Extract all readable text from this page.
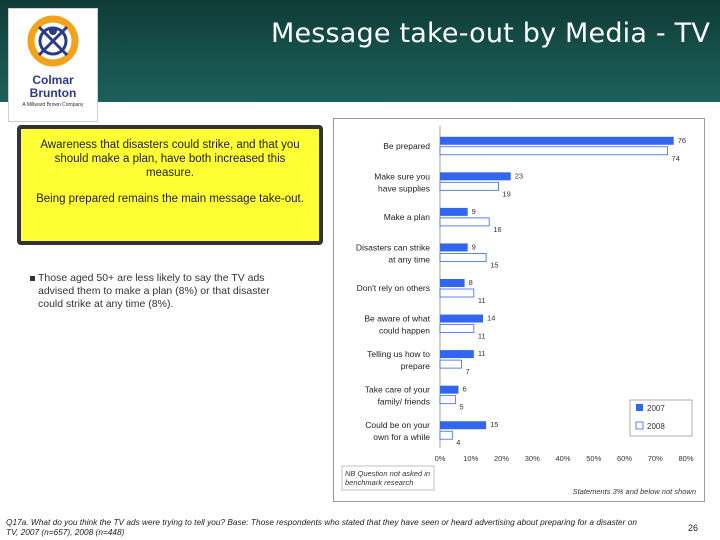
Message take-out by Media - TV
Colmar
Brunton
A Millward Brown Company

Awareness that disasters could strike, and that you should make a plan, have both increased this measure.

Being prepared remains the main message take-out.

Those aged 50+ are less likely to say the TV ads advised them to make a plan (8%) or that disaster could strike at any time (8%).
0% 10% 20% 30% 40% 50% 60% 70% 80%
Be prepared
76
74
Make sure you
have supplies
23
19
Make a plan
9
16
Disasters can strike
at any time
9
15
Don't rely on others
8
11
Be aware of what
could happen
14
11
Telling us how to
prepare
11
7
Take care of your
family/ friends
6
5
Could be on your
own for a while
15
4
2007
2008
NB Question not asked in benchmark research
Statements 3% and below not shown
Q17a. What do you think the TV ads were trying to tell you? Base: Those respondents who stated that they have seen or heard advertising about preparing for a disaster on TV, 2007 (n=657), 2008 (n=448)	26
